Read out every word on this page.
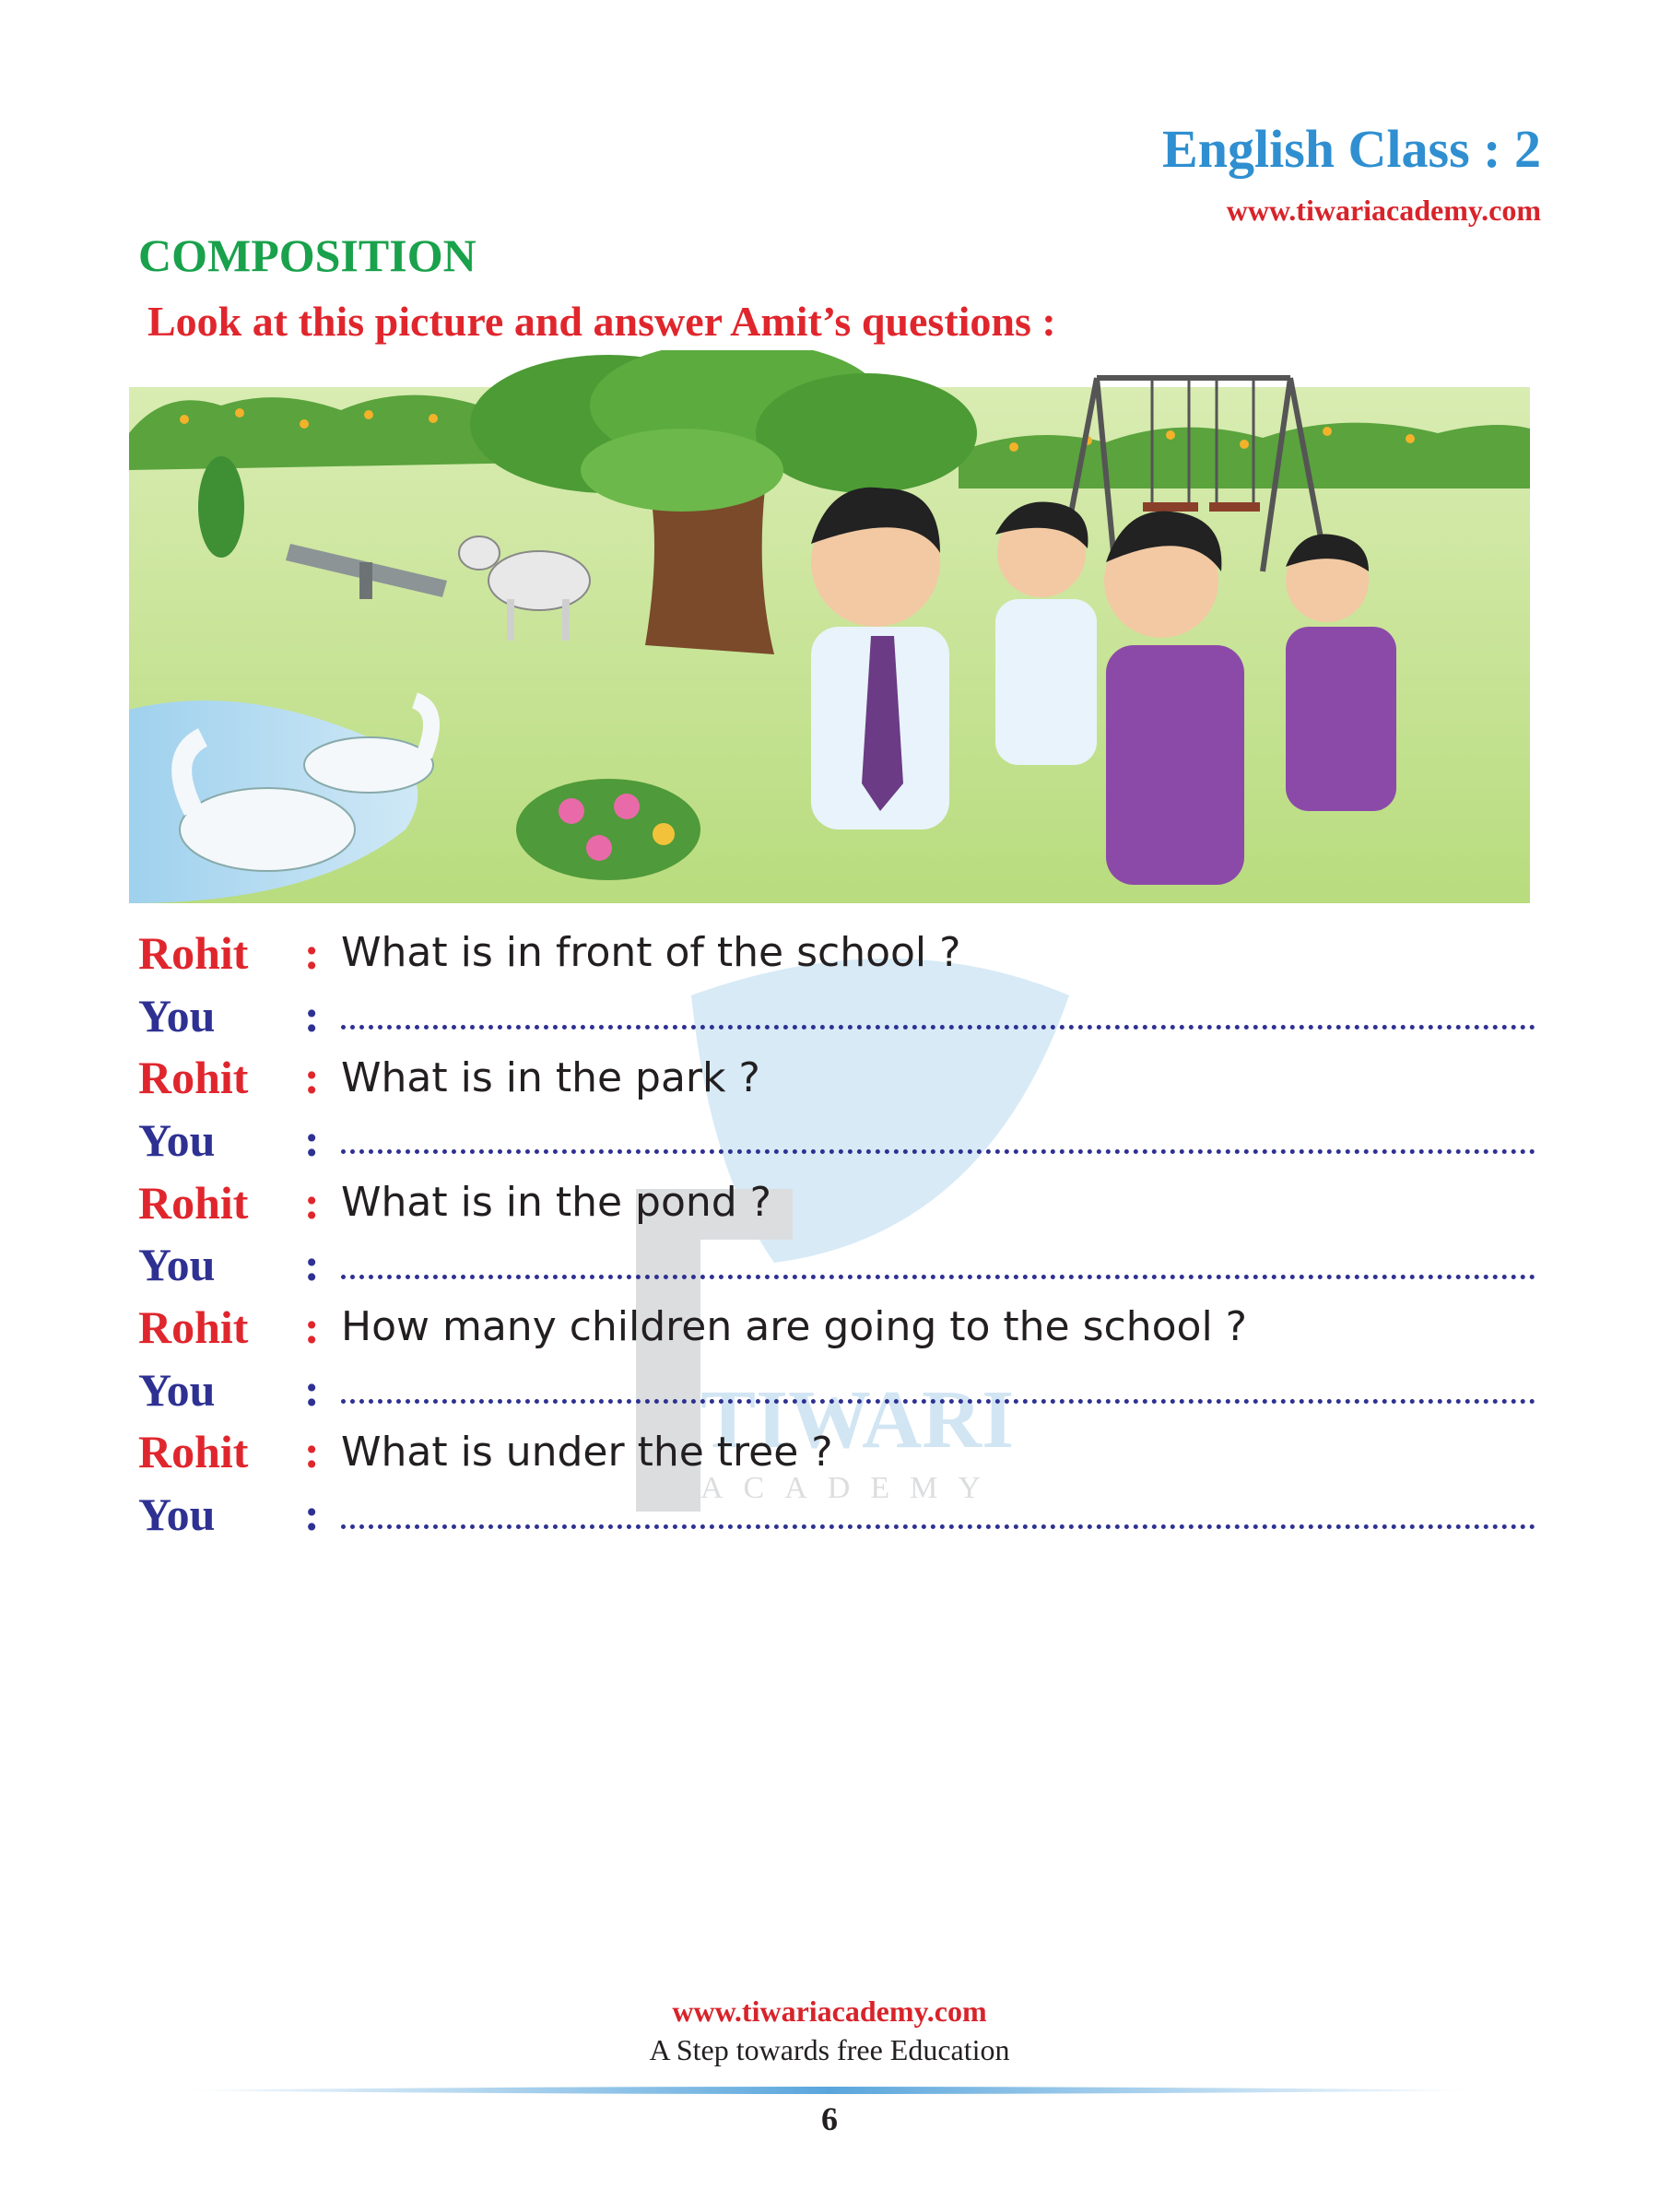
English Class : 2
www.tiwariacademy.com
COMPOSITION
Look at this picture and answer Amit’s questions :
TIWARI
ACADEMY
Rohit	: What is in front of the school ?
You	:
Rohit	: What is in the park ?
You	:
Rohit	: What is in the pond ?
You	:
Rohit	: How many children are going to the school ?
You	:
Rohit	: What is under the tree ?
You	:
www.tiwariacademy.com
A Step towards free Education
6
